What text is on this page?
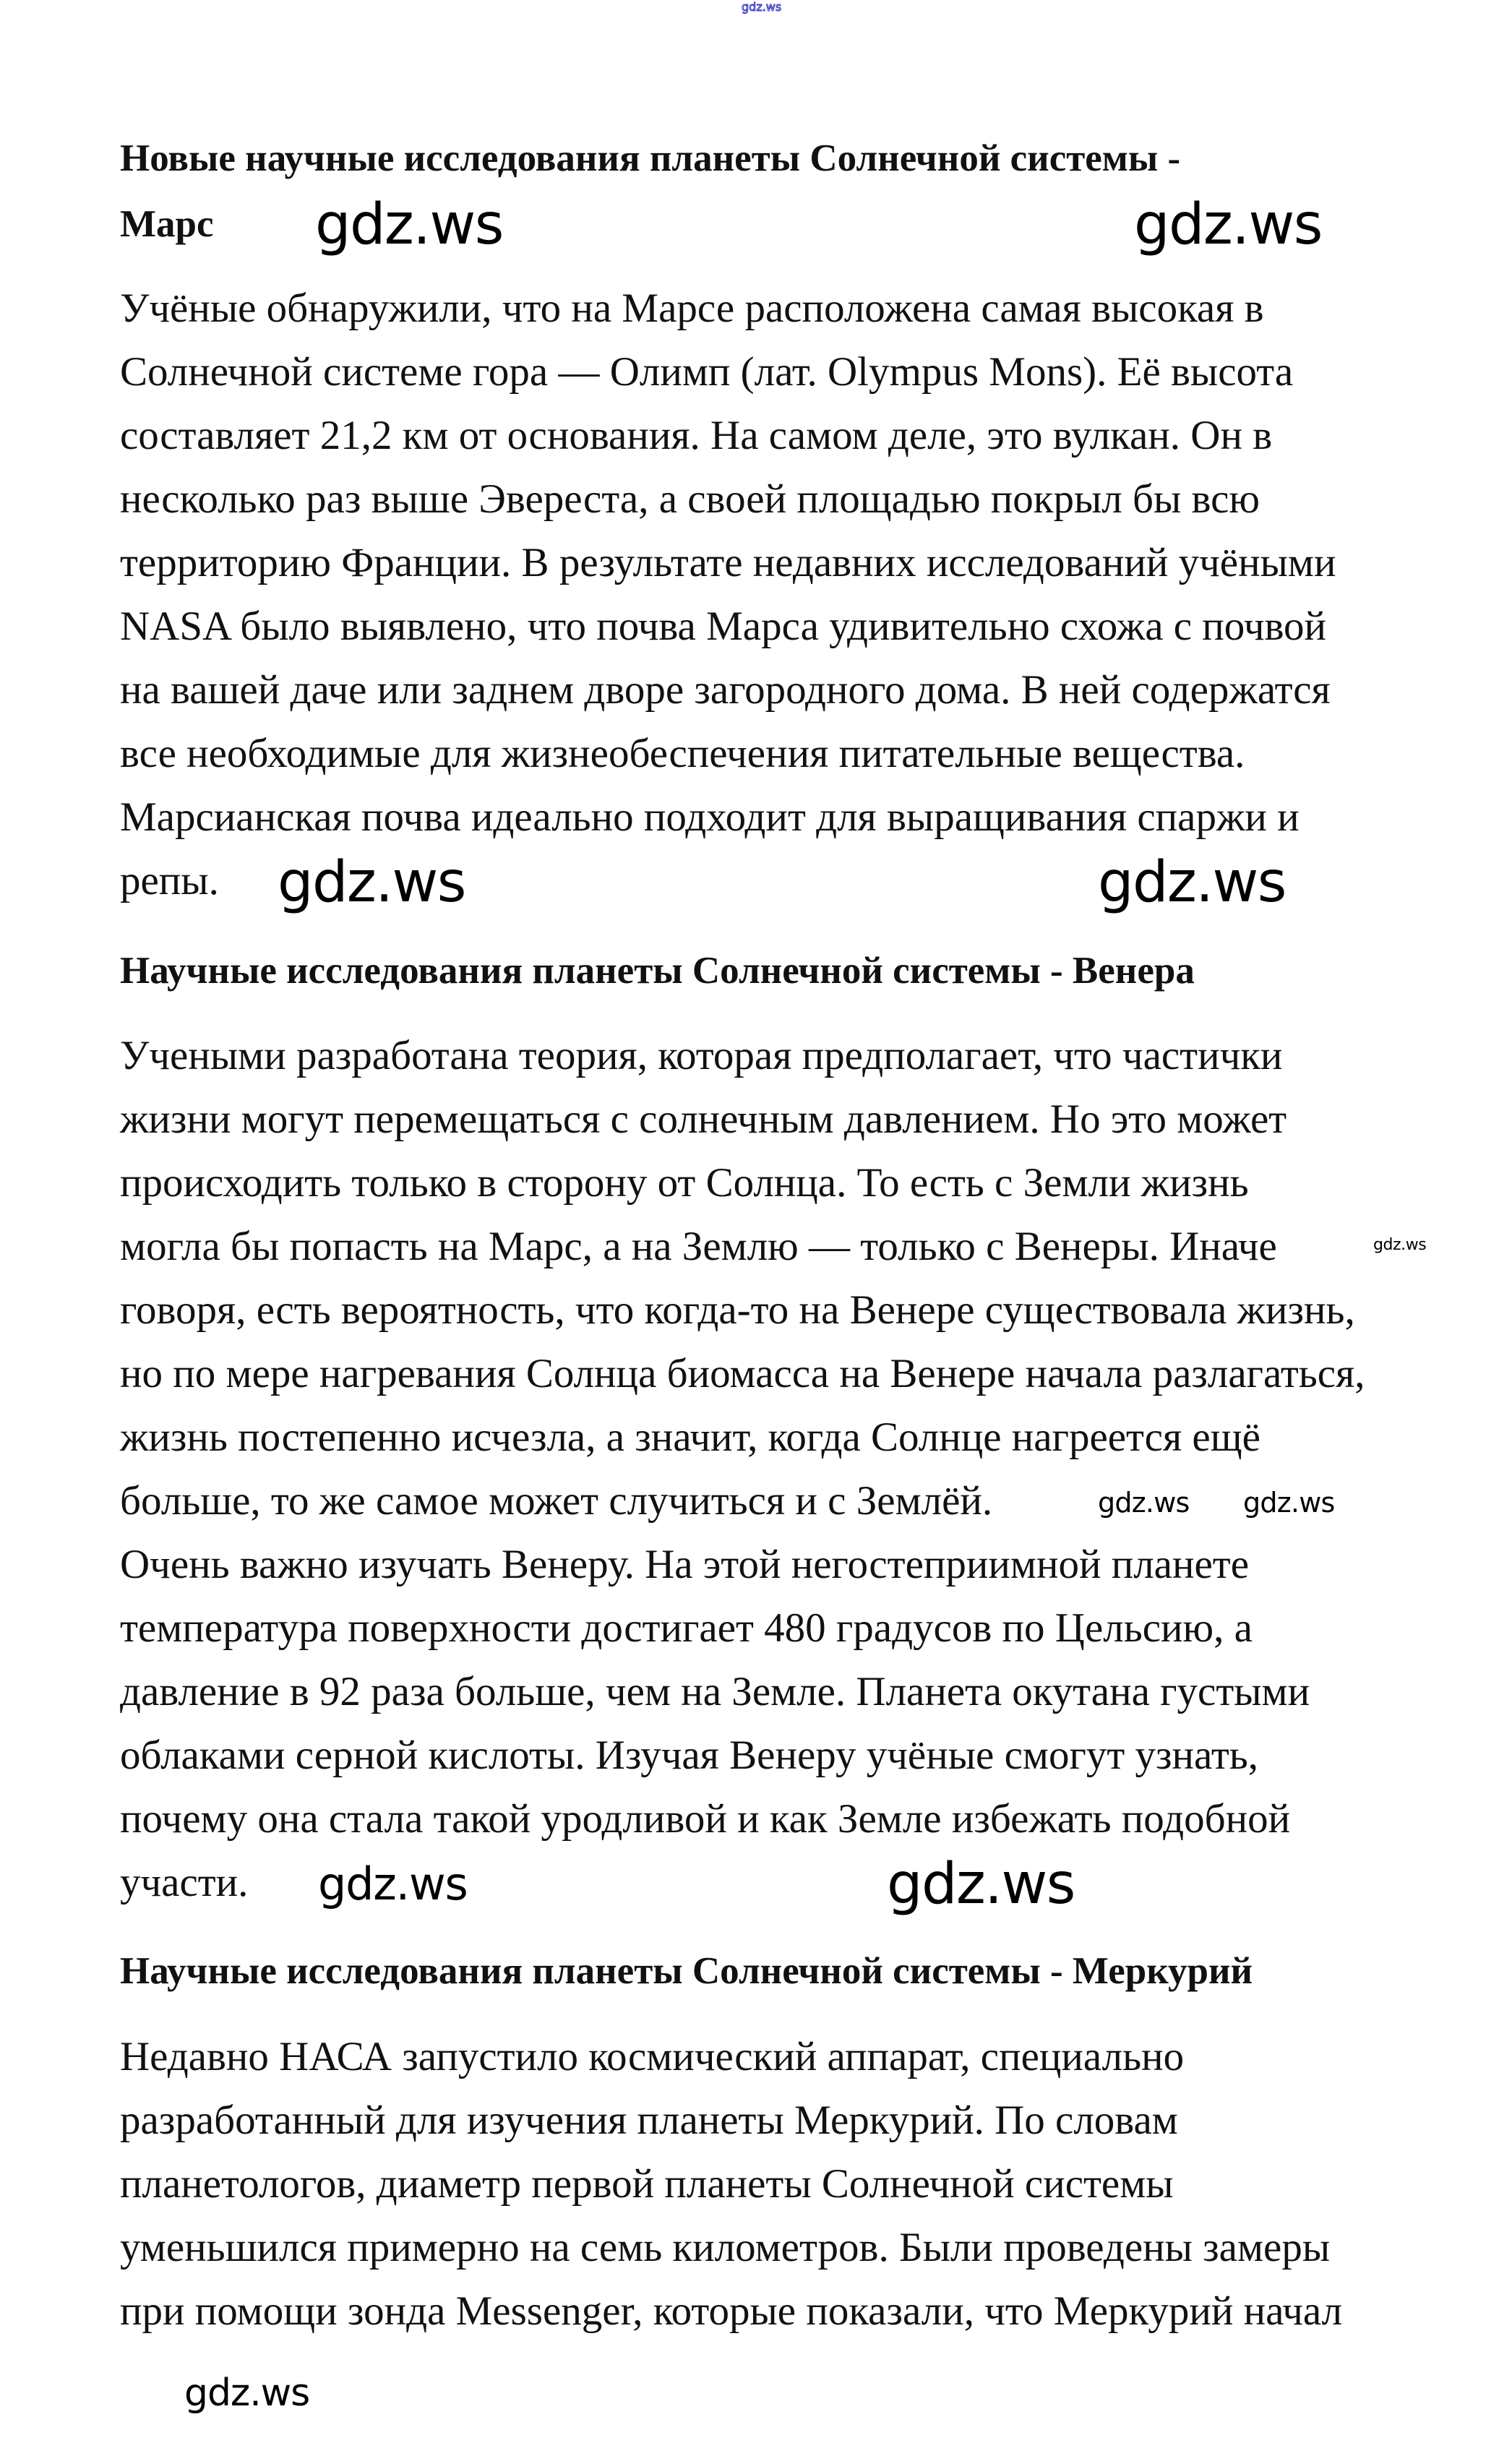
gdz.ws
Новые научные исследования планеты Солнечной системы -
Марс

Учёные обнаружили, что на Марсе расположена самая высокая в
Солнечной системе гора — Олимп (лат. Olympus Mons). Её высота
составляет 21,2 км от основания. На самом деле, это вулкан. Он в
несколько раз выше Эвереста, а своей площадью покрыл бы всю
территорию Франции. В результате недавних исследований учёными
NASA было выявлено, что почва Марса удивительно схожа с почвой
на вашей даче или заднем дворе загородного дома. В ней содержатся
все необходимые для жизнеобеспечения питательные вещества.
Марсианская почва идеально подходит для выращивания спаржи и
репы.

Научные исследования планеты Солнечной системы - Венера

Учеными разработана теория, которая предполагает, что частички
жизни могут перемещаться с солнечным давлением. Но это может
происходить только в сторону от Солнца. То есть с Земли жизнь
могла бы попасть на Марс, а на Землю — только с Венеры. Иначе
говоря, есть вероятность, что когда-то на Венере существовала жизнь,
но по мере нагревания Солнца биомасса на Венере начала разлагаться,
жизнь постепенно исчезла, а значит, когда Солнце нагреется ещё
больше, то же самое может случиться и с Землёй.
Очень важно изучать Венеру. На этой негостеприимной планете
температура поверхности достигает 480 градусов по Цельсию, а
давление в 92 раза больше, чем на Земле. Планета окутана густыми
облаками серной кислоты. Изучая Венеру учёные смогут узнать,
почему она стала такой уродливой и как Земле избежать подобной
участи.

Научные исследования планеты Солнечной системы - Меркурий

Недавно НАСА запустило космический аппарат, специально
разработанный для изучения планеты Меркурий. По словам
планетологов, диаметр первой планеты Солнечной системы
уменьшился примерно на семь километров. Были проведены замеры
при помощи зонда Messenger, которые показали, что Меркурий начал

gdz.ws	gdz.ws
gdz.ws	gdz.ws
gdz.ws
gdz.ws gdz.ws
gdz.ws
gdz.ws
gdz.ws
